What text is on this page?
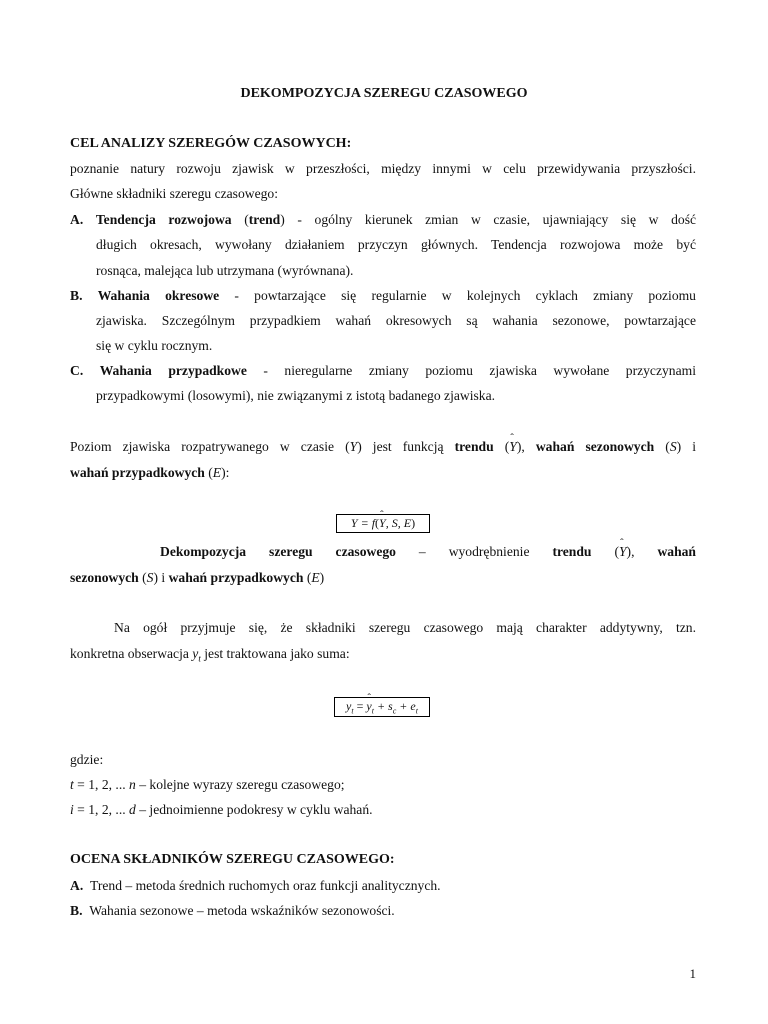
DEKOMPOZYCJA SZEREGU CZASOWEGO
CEL ANALIZY SZEREGÓW CZASOWYCH:
poznanie natury rozwoju zjawisk w przeszłości, między innymi w celu przewidywania przyszłości.
Główne składniki szeregu czasowego:
A. Tendencja rozwojowa (trend) - ogólny kierunek zmian w czasie, ujawniający się w dość
długich okresach, wywołany działaniem przyczyn głównych. Tendencja rozwojowa może być
rosnąca, malejąca lub utrzymana (wyrównana).
B. Wahania okresowe - powtarzające się regularnie w kolejnych cyklach zmiany poziomu
zjawiska. Szczególnym przypadkiem wahań okresowych są wahania sezonowe, powtarzające
się w cyklu rocznym.
C. Wahania przypadkowe - nieregularne zmiany poziomu zjawiska wywołane przyczynami
przypadkowymi (losowymi), nie związanymi z istotą badanego zjawiska.
Poziom zjawiska rozpatrywanego w czasie (Y) jest funkcją trendu (ˆ Y), wahań sezonowych (S) i
wahań przypadkowych (E):
Y = f(ˆ Y, S, E)
Dekompozycja szeregu czasowego – wyodrębnienie trendu (ˆ Y), wahań
sezonowych (S) i wahań przypadkowych (E)
Na ogół przyjmuje się, że składniki szeregu czasowego mają charakter addytywny, tzn.
konkretna obserwacja $y_t$ jest traktowana jako suma:
$y_t$ = ˆ $y_t + s_c + e_t$
gdzie:
t = 1, 2, ... n – kolejne wyrazy szeregu czasowego;
i = 1, 2, ... d – jednoimienne podokresy w cyklu wahań.
OCENA SKŁADNIKÓW SZEREGU CZASOWEGO:
A. Trend – metoda średnich ruchomych oraz funkcji analitycznych.
B. Wahania sezonowe – metoda wskaźników sezonowości.
1
